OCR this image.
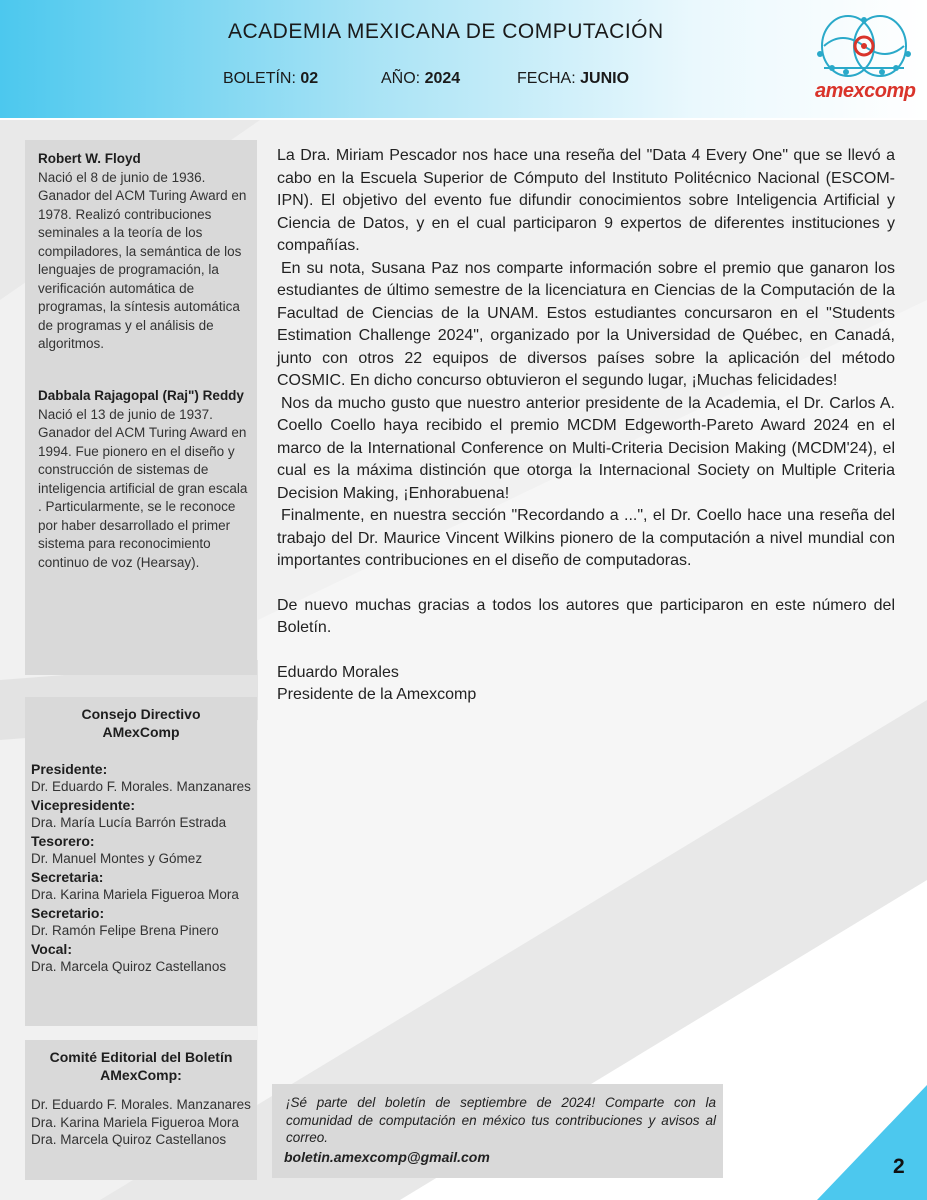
ACADEMIA MEXICANA DE COMPUTACIÓN
BOLETÍN: 02	AÑO: 2024	FECHA: JUNIO
amexcomp
Robert W. Floyd
Nació el 8 de junio de 1936. Ganador del ACM Turing Award en 1978. Realizó contribuciones seminales a la teoría de los compiladores, la semántica de los lenguajes de programación, la verificación automática de programas, la síntesis automática de programas y el análisis de algoritmos.
Dabbala Rajagopal (Raj") Reddy
Nació el 13 de junio de 1937. Ganador del ACM Turing Award en 1994. Fue pionero en el diseño y construcción de sistemas de inteligencia artificial de gran escala . Particularmente, se le reconoce por haber desarrollado el primer sistema para reconocimiento continuo de voz (Hearsay).
Consejo Directivo
AMexComp
Presidente:
Dr. Eduardo F. Morales. Manzanares
Vicepresidente:
Dra. María Lucía Barrón Estrada
Tesorero:
Dr. Manuel Montes y Gómez
Secretaria:
Dra. Karina Mariela Figueroa Mora
Secretario:
Dr. Ramón Felipe Brena Pinero
Vocal:
Dra. Marcela Quiroz Castellanos
Comité Editorial del Boletín
AMexComp:
Dr. Eduardo F. Morales. Manzanares
Dra. Karina Mariela Figueroa Mora
Dra. Marcela Quiroz Castellanos

La Dra. Miriam Pescador nos hace una reseña del "Data 4 Every One" que se llevó a cabo en la Escuela Superior de Cómputo del Instituto Politécnico Nacional (ESCOM-IPN). El objetivo del evento fue difundir conocimientos sobre Inteligencia Artificial y Ciencia de Datos, y en el cual participaron 9 expertos de diferentes instituciones y compañías.

En su nota, Susana Paz nos comparte información sobre el premio que ganaron los estudiantes de último semestre de la licenciatura en Ciencias de la Computación de la Facultad de Ciencias de la UNAM. Estos estudiantes concursaron en el "Students Estimation Challenge 2024", organizado por la Universidad de Québec, en Canadá, junto con otros 22 equipos de diversos países sobre la aplicación del método COSMIC. En dicho concurso obtuvieron el segundo lugar, ¡Muchas felicidades!

Nos da mucho gusto que nuestro anterior presidente de la Academia, el Dr. Carlos A. Coello Coello haya recibido el premio MCDM Edgeworth-Pareto Award 2024 en el marco de la International Conference on Multi-Criteria Decision Making (MCDM'24), el cual es la máxima distinción que otorga la Internacional Society on Multiple Criteria Decision Making, ¡Enhorabuena!

Finalmente, en nuestra sección "Recordando a ...", el Dr. Coello hace una reseña del trabajo del Dr. Maurice Vincent Wilkins pionero de la computación a nivel mundial con importantes contribuciones en el diseño de computadoras.

De nuevo muchas gracias a todos los autores que participaron en este número del Boletín.

Eduardo Morales

Presidente de la Amexcomp

¡Sé parte del boletín de septiembre de 2024! Comparte con la comunidad de computación en méxico tus contribuciones y avisos al correo.
boletin.amexcomp@gmail.com	2
